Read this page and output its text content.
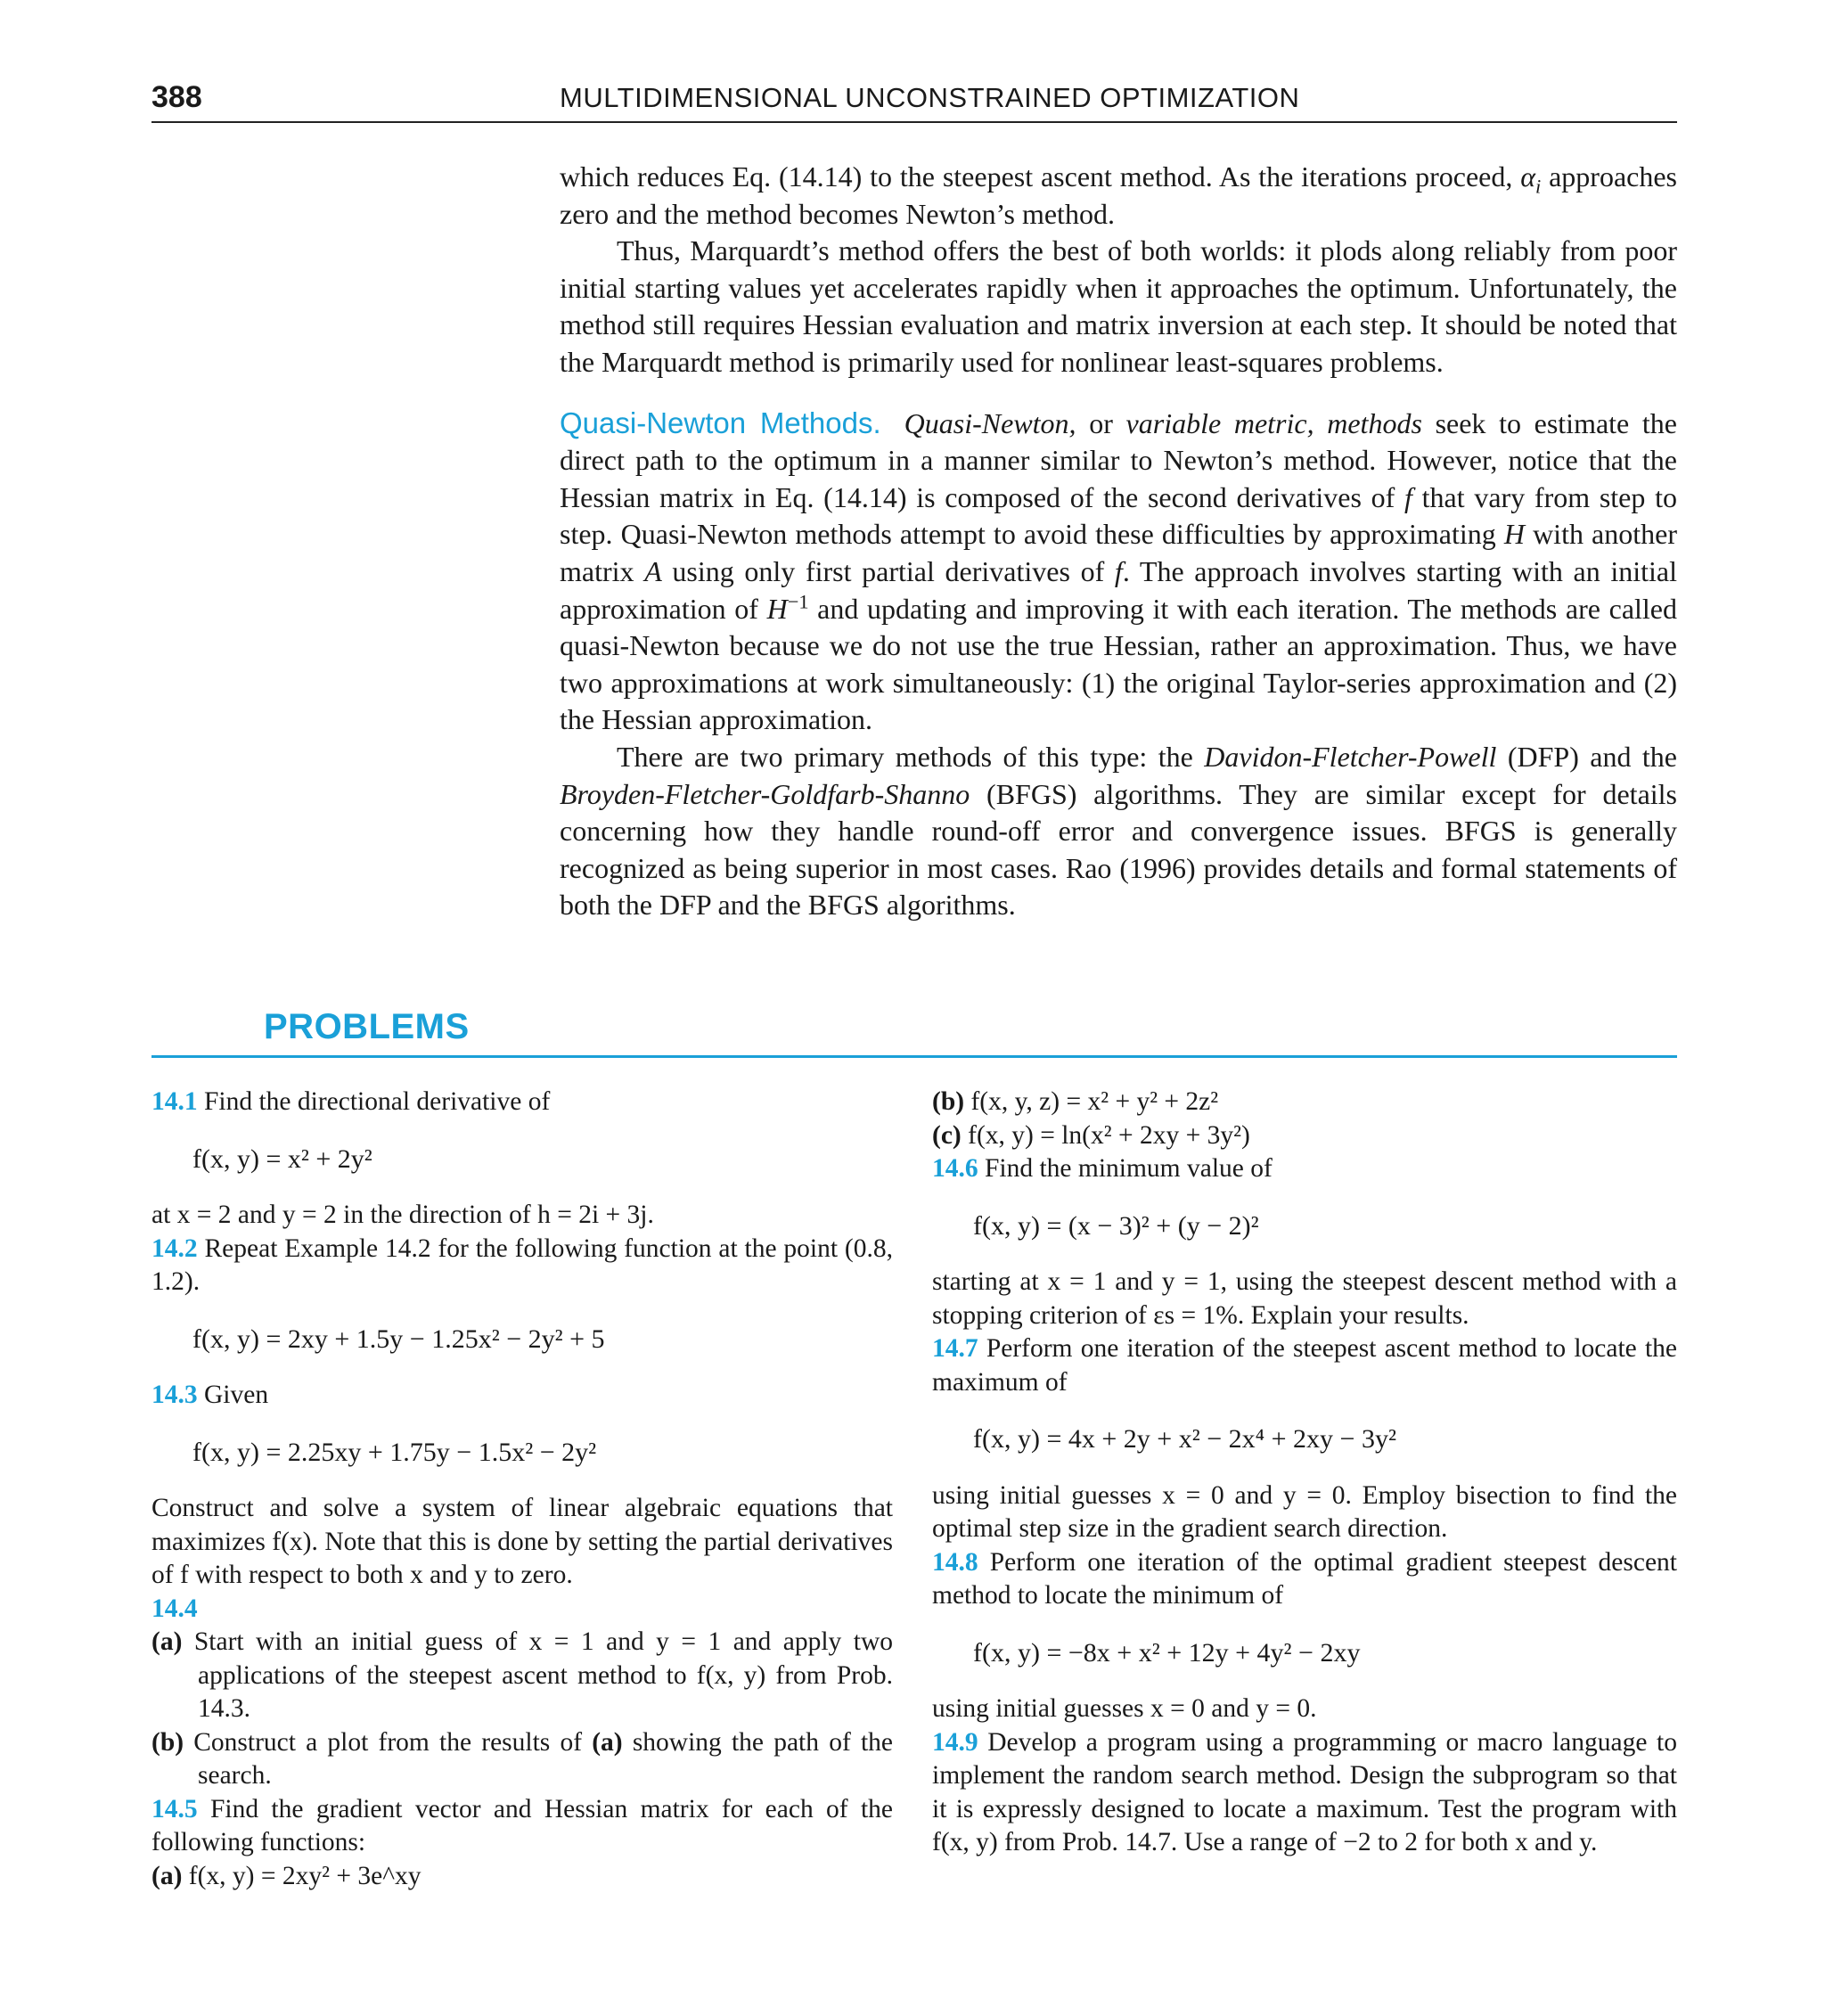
388	MULTIDIMENSIONAL UNCONSTRAINED OPTIMIZATION

which reduces Eq. (14.14) to the steepest ascent method. As the iterations proceed, $\alpha_i$ approaches zero and the method becomes Newton’s method.

Thus, Marquardt’s method offers the best of both worlds: it plods along reliably from poor initial starting values yet accelerates rapidly when it approaches the optimum. Unfortunately, the method still requires Hessian evaluation and matrix inversion at each step. It should be noted that the Marquardt method is primarily used for nonlinear least-squares problems.

Quasi-Newton Methods. Quasi-Newton, or variable metric, methods seek to estimate the direct path to the optimum in a manner similar to Newton’s method. However, notice that the Hessian matrix in Eq. (14.14) is composed of the second derivatives of f that vary from step to step. Quasi-Newton methods attempt to avoid these difficulties by approximating H with another matrix A using only first partial derivatives of f. The approach involves starting with an initial approximation of $H^{-1}$ and updating and improving it with each iteration. The methods are called quasi-Newton because we do not use the true Hessian, rather an approximation. Thus, we have two approximations at work simultaneously: (1) the original Taylor-series approximation and (2) the Hessian approximation.

There are two primary methods of this type: the Davidon-Fletcher-Powell (DFP) and the Broyden-Fletcher-Goldfarb-Shanno (BFGS) algorithms. They are similar except for details concerning how they handle round-off error and convergence issues. BFGS is generally recognized as being superior in most cases. Rao (1996) provides details and formal statements of both the DFP and the BFGS algorithms.

PROBLEMS

14.1 Find the directional derivative of

f(x, y) = x² + 2y²

at x = 2 and y = 2 in the direction of h = 2i + 3j.

14.2 Repeat Example 14.2 for the following function at the point (0.8, 1.2).

f(x, y) = 2xy + 1.5y − 1.25x² − 2y² + 5

14.3 Given

f(x, y) = 2.25xy + 1.75y − 1.5x² − 2y²

Construct and solve a system of linear algebraic equations that maximizes f(x). Note that this is done by setting the partial derivatives of f with respect to both x and y to zero.

14.4

(a) Start with an initial guess of x = 1 and y = 1 and apply two applications of the steepest ascent method to f(x, y) from Prob. 14.3.

(b) Construct a plot from the results of (a) showing the path of the search.

14.5 Find the gradient vector and Hessian matrix for each of the following functions:

(a) f(x, y) = 2xy² + 3e^xy

(b) f(x, y, z) = x² + y² + 2z²

(c) f(x, y) = ln(x² + 2xy + 3y²)

14.6 Find the minimum value of

f(x, y) = (x − 3)² + (y − 2)²

starting at x = 1 and y = 1, using the steepest descent method with a stopping criterion of εs = 1%. Explain your results.

14.7 Perform one iteration of the steepest ascent method to locate the maximum of

f(x, y) = 4x + 2y + x² − 2x⁴ + 2xy − 3y²

using initial guesses x = 0 and y = 0. Employ bisection to find the optimal step size in the gradient search direction.

14.8 Perform one iteration of the optimal gradient steepest descent method to locate the minimum of

f(x, y) = −8x + x² + 12y + 4y² − 2xy

using initial guesses x = 0 and y = 0.

14.9 Develop a program using a programming or macro language to implement the random search method. Design the subprogram so that it is expressly designed to locate a maximum. Test the program with f(x, y) from Prob. 14.7. Use a range of −2 to 2 for both x and y.
